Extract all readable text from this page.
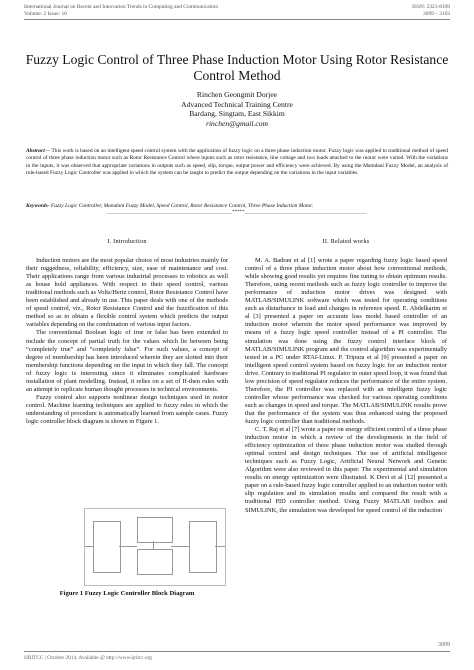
International Journal on Recent and Innovation Trends in Computing and Communication
Volume: 2 Issue: 10
ISSN: 2321-8169
3099 – 3103
Fuzzy Logic Control of Three Phase Induction Motor Using Rotor Resistance Control Method
Rinchen Geongmit Dorjee
Advanced Technical Training Centre
Bardang, Singtam, East Sikkim
rinchen@gmail.com
Abstract— This work is based on an intelligent speed control system with the application of fuzzy logic on a three phase induction motor. Fuzzy logic was applied to traditional method of speed control of three phase induction motor such as Rotor Resistance Control where inputs such as rotor resistance, line voltage and two loads attached to the motor were varied. With the variations in the inputs, it was observed that appropriate variations in outputs such as speed, slip, torque, output power and efficiency were achieved. By using the Mamdani Fuzzy Model, an analysis of rule-based Fuzzy Logic Controller was applied in which the system can be taught to predict the output depending on the variations in the input variables.
Keywords- Fuzzy Logic Controller, Mamdani Fuzzy Model, Speed Control, Rotor Resistance Control, Three Phase Induction Motor.
__________________________________________________*****_________________________________________________
I. Introduction

Induction motors are the most popular choice of most industries mainly for their ruggedness, reliability, efficiency, size, ease of maintenance and cost. Their applications range from various industrial processes to robotics as well as house hold appliances. With respect to their speed control, various traditional methods such as Volts/Hertz control, Rotor Resistance Control have been established and already in use. This paper deals with one of the methods of speed control, viz., Rotor Resistance Control and the fuzzification of this method so as to obtain a flexible control system which predicts the output variables depending on the combination of various input factors.

The conventional Boolean logic of true or false has been extended to include the concept of partial truth for the values which lie between being “completely true” and “completely false”. For such values, a concept of degree of membership has been introduced wherein they are slotted into their membership functions depending on the input in which they fall. The concept of fuzzy logic is interesting since it eliminates complicated hardware installation of plant modelling. Instead, it relies on a set of If-then rules with an attempt to replicate human thought processes in technical environments.

Fuzzy control also supports nonlinear design techniques used in motor control. Machine learning techniques are applied to fuzzy rules in which the understanding of procedure is automatically learned from sample cases. Fuzzy logic controller block diagram is shown in Figure 1.

Figure 1 Fuzzy Logic Controller Block Diagram
II. Related works

M. A. Badran et al [1] wrote a paper regarding fuzzy logic based speed control of a three phase induction motor about how conventional methods, while showing good results yet requires fine tuning to obtain optimum results. Therefore, using recent methods such as fuzzy logic controller to improve the performance of induction motor drives was designed with MATLAB/SIMULINK software which was tested for operating conditions such as disturbance in load and changes in reference speed. E. Abdelkarim et al [3] presented a paper on accurate loss model based controller of an induction motor wherein the motor speed performance was improved by means of a fuzzy logic speed controller instead of a PI controller. The simulation was done using the fuzzy control interface block of MATLAB/SIMULINK program and the control algorithm was experimentally tested in a PC under RTAI-Linux. P. Tripura et al [9] presented a paper on intelligent speed control system based on fuzzy logic for an induction motor drive. Contrary to traditional PI regulator in outer speed loop, it was found that low precision of speed regulator reduces the performance of the entire system. Therefore, the PI controller was replaced with an intelligent fuzzy logic controller whose performance was checked for various operating conditions such as changes in speed and torque. The MATLAB/SIMULINK results prove that the performance of the system was thus enhanced using the proposed fuzzy logic controller than traditional methods.

C. T. Raj et al [7] wrote a paper on energy efficient control of a three phase induction motor in which a review of the developments in the field of efficiency optimization of three phase induction motor was studied through optimal control and design techniques. The use of artificial intelligence techniques such as Fuzzy Logic, Artificial Neural Network and Genetic Algorithm were also reviewed in this paper. The experimental and simulation results on energy optimization were illustrated. K Devi et al [12] presented a paper on a rule-based fuzzy logic controller applied to an induction motor with slip regulation and its simulation results and compared the result with a traditional PID controller method. Using Fuzzy MATLAB toolbox and SIMULINK, the simulation was developed for speed control of the induction

3099
IJRITCC | October 2014, Available @ http://www.ijritcc.org
